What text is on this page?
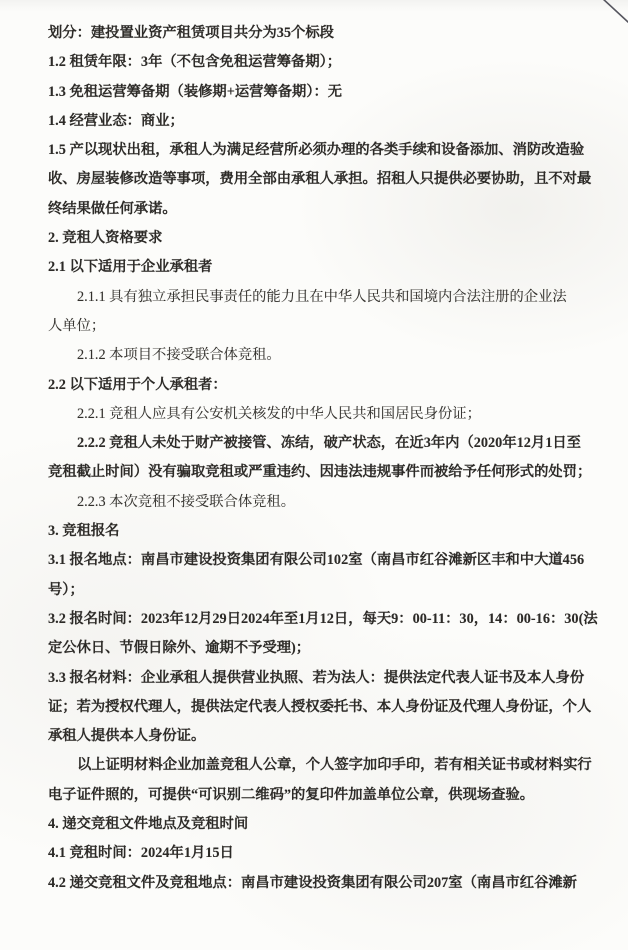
划分：建投置业资产租赁项目共分为35个标段

1.2 租赁年限：3年（不包含免租运营筹备期）；

1.3 免租运营筹备期（装修期+运营筹备期）：无

1.4 经营业态：商业；

1.5 产以现状出租，承租人为满足经营所必须办理的各类手续和设备添加、消防改造验

收、房屋装修改造等事项，费用全部由承租人承担。招租人只提供必要协助，且不对最

终结果做任何承诺。

2. 竞租人资格要求

2.1 以下适用于企业承租者

2.1.1 具有独立承担民事责任的能力且在中华人民共和国境内合法注册的企业法

人单位；

2.1.2 本项目不接受联合体竞租。

2.2 以下适用于个人承租者：

2.2.1 竞租人应具有公安机关核发的中华人民共和国居民身份证；

2.2.2 竞租人未处于财产被接管、冻结，破产状态，在近3年内（2020年12月1日至

竞租截止时间）没有骗取竞租或严重违约、因违法违规事件而被给予任何形式的处罚；

2.2.3 本次竞租不接受联合体竞租。

3. 竞租报名

3.1 报名地点：南昌市建设投资集团有限公司102室（南昌市红谷滩新区丰和中大道456

号）；

3.2 报名时间：2023年12月29日2024年至1月12日，每天9：00-11：30，14：00-16：30(法

定公休日、节假日除外、逾期不予受理)；

3.3 报名材料：企业承租人提供营业执照、若为法人：提供法定代表人证书及本人身份

证；若为授权代理人，提供法定代表人授权委托书、本人身份证及代理人身份证，个人

承租人提供本人身份证。

以上证明材料企业加盖竞租人公章，个人签字加印手印，若有相关证书或材料实行

电子证件照的，可提供“可识别二维码”的复印件加盖单位公章，供现场查验。

4. 递交竞租文件地点及竞租时间

4.1 竞租时间：2024年1月15日

4.2 递交竞租文件及竞租地点：南昌市建设投资集团有限公司207室（南昌市红谷滩新
